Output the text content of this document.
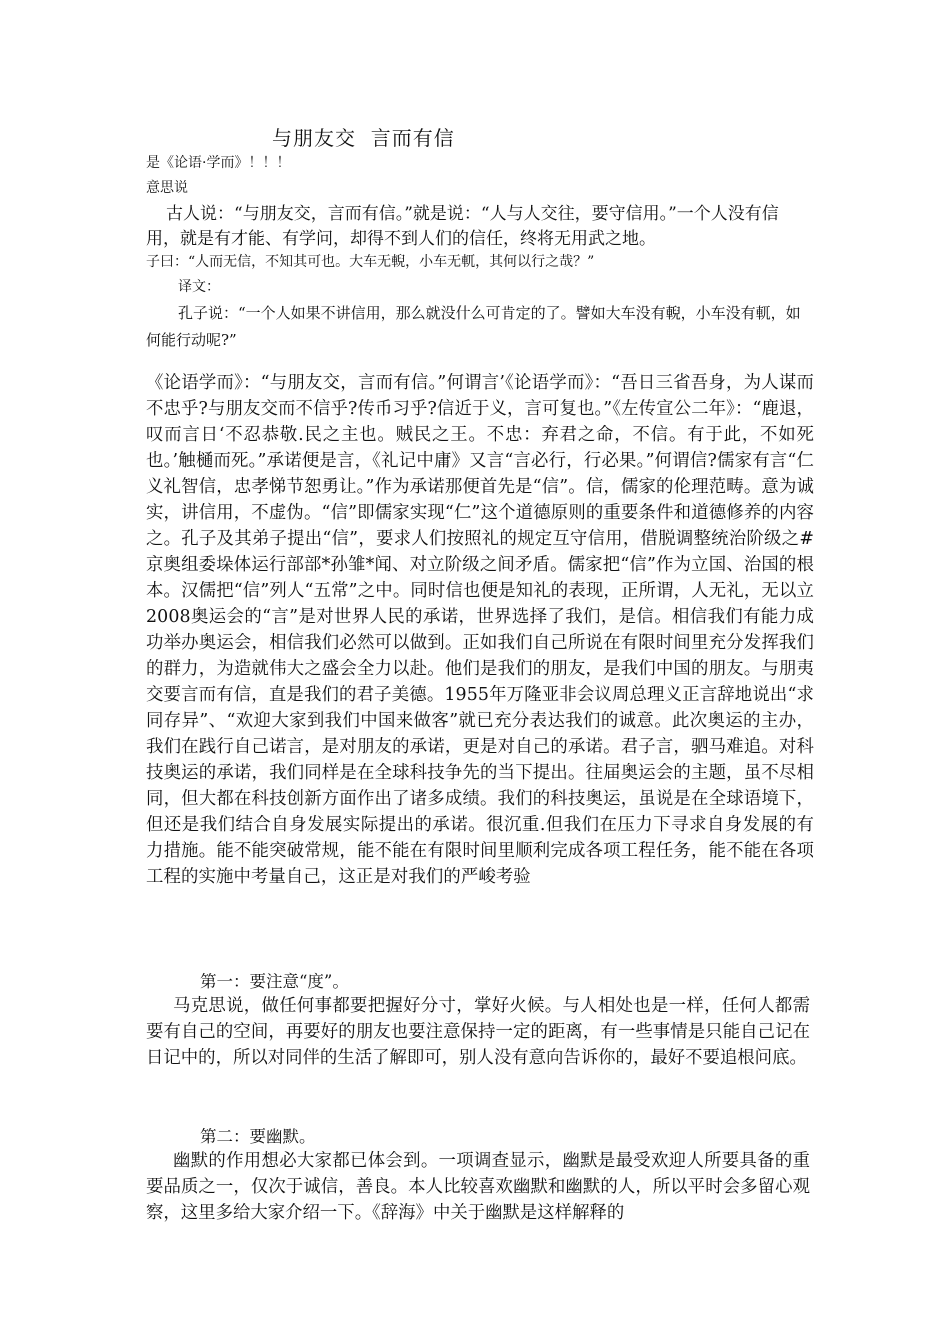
与朋友交  言而有信
是《论语·学而》！！！
意思说
古人说：“与朋友交，言而有信。”就是说：“人与人交往，要守信用。”一个人没有信用，就是有才能、有学问，却得不到人们的信任，终将无用武之地。
子曰：“人而无信，不知其可也。大车无輗，小车无軏，其何以行之哉？”
译文：
孔子说：“一个人如果不讲信用，那么就没什么可肯定的了。譬如大车没有輗，小车没有軏，如何能行动呢?”
《论语学而》：“与朋友交，言而有信。”何谓言’《论语学而》：“吾日三省吾身，为人谋而不忠乎?与朋友交而不信乎?传币习乎?信近于义，言可复也。”《左传宣公二年》：“鹿退，叹而言日‘不忍恭敬.民之主也。贼民之王。不忠：弃君之命，不信。有于此，不如死也。’触樋而死。”承诺便是言，《礼记中庸》又言“言必行，行必果。”何谓信?儒家有言“仁义礼智信，忠孝悌节恕勇让。”作为承诺那便首先是“信”。信，儒家的伦理范畴。意为诚实，讲信用，不虚伪。“信”即儒家实现“仁”这个道德原则的重要条件和道德修养的内容之。孔子及其弟子提出“信”，要求人们按照礼的规定互守信用，借脱调整统治阶级之#京奥组委垛体运行部部*孙雏*闻、对立阶级之间矛盾。儒家把“信”作为立国、治国的根本。汉儒把“信”列人“五常”之中。同时信也便是知礼的表现，正所谓，人无礼，无以立2008奥运会的“言”是对世界人民的承诺，世界选择了我们，是信。相信我们有能力成功举办奥运会，相信我们必然可以做到。正如我们自己所说在有限时间里充分发挥我们的群力，为造就伟大之盛会全力以赴。他们是我们的朋友，是我们中国的朋友。与朋夷交要言而有信，直是我们的君子美德。1955年万隆亚非会议周总理义正言辞地说出“求同存异”、“欢迎大家到我们中国来做客”就已充分表达我们的诚意。此次奥运的主办，我们在践行自己诺言，是对朋友的承诺，更是对自己的承诺。君子言，驷马难追。对科技奥运的承诺，我们同样是在全球科技争先的当下提出。往届奥运会的主题，虽不尽相同，但大都在科技创新方面作出了诸多成绩。我们的科技奥运，虽说是在全球语境下，但还是我们结合自身发展实际提出的承诺。很沉重.但我们在压力下寻求自身发展的有力措施。能不能突破常规，能不能在有限时间里顺利完成各项工程任务，能不能在各项工程的实施中考量自己，这正是对我们的严峻考验
第一：要注意“度”。
马克思说，做任何事都要把握好分寸，掌好火候。与人相处也是一样，任何人都需要有自己的空间，再要好的朋友也要注意保持一定的距离，有一些事情是只能自己记在日记中的，所以对同伴的生活了解即可，别人没有意向告诉你的，最好不要追根问底。
第二：要幽默。
幽默的作用想必大家都已体会到。一项调查显示，幽默是最受欢迎人所要具备的重要品质之一，仅次于诚信，善良。本人比较喜欢幽默和幽默的人，所以平时会多留心观察，这里多给大家介绍一下。《辞海》中关于幽默是这样解释的
